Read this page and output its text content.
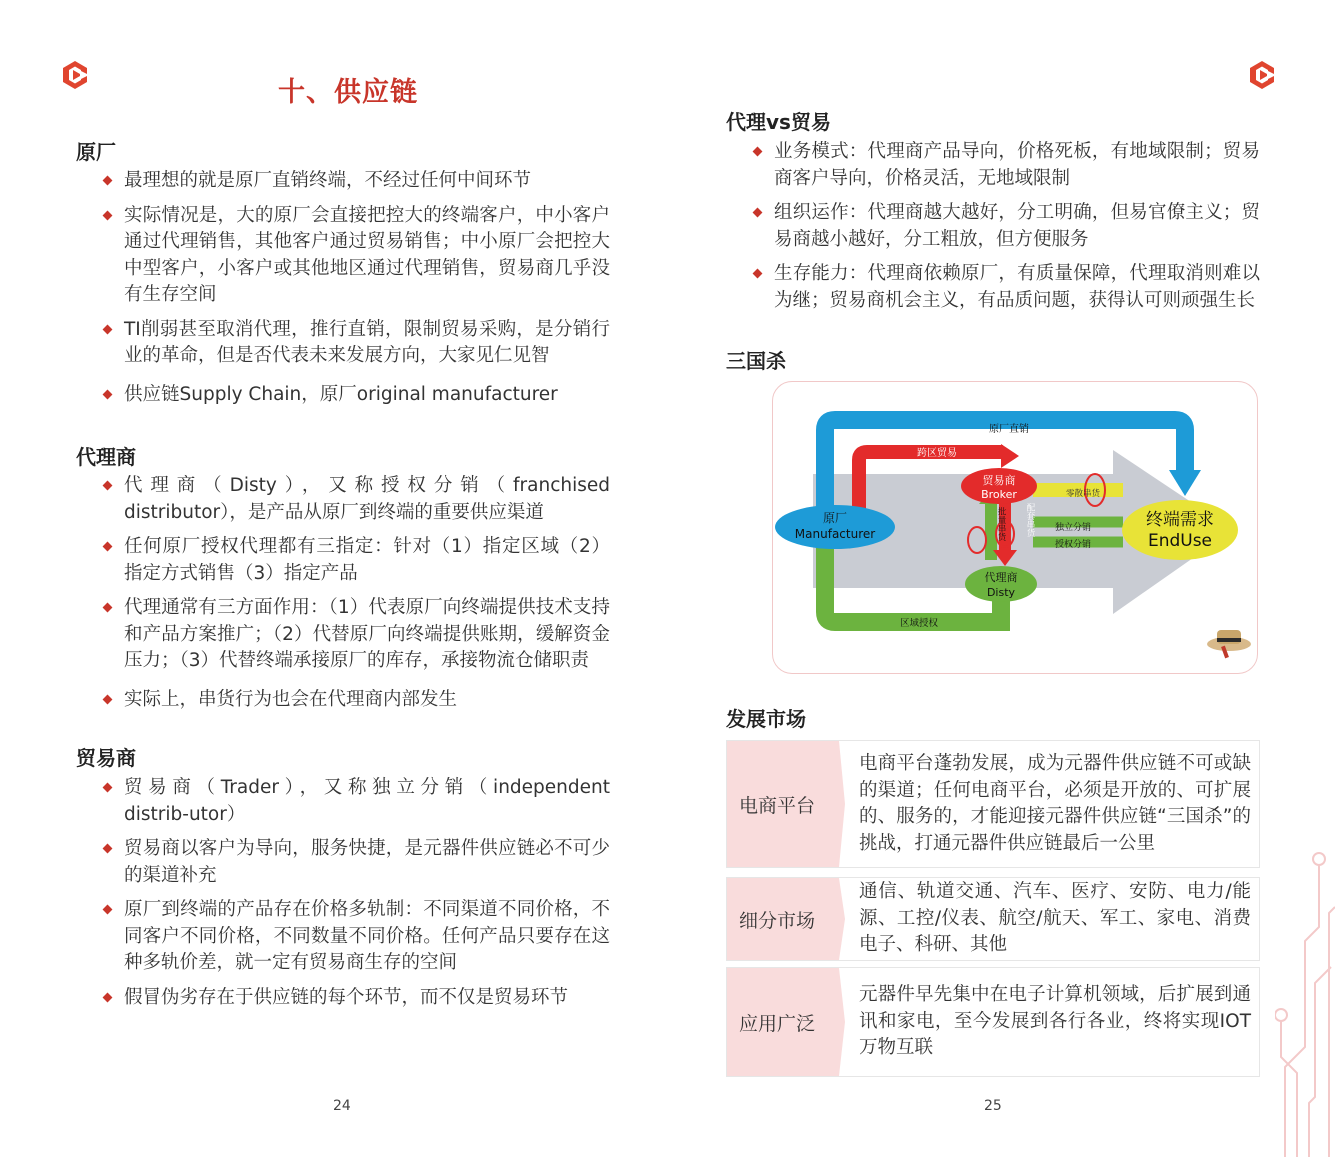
十、供应链
原厂
最理想的就是原厂直销终端，不经过任何中间环节
实际情况是，大的原厂会直接把控大的终端客户，中小客户通过代理销售，其他客户通过贸易销售；中小原厂会把控大中型客户，小客户或其他地区通过代理销售，贸易商几乎没有生存空间
TI削弱甚至取消代理，推行直销，限制贸易采购，是分销行业的革命，但是否代表未来发展方向，大家见仁见智
供应链Supply Chain，原厂original manufacturer
代理商
代理商（Disty），又称授权分销（franchised　distributor），是产品从原厂到终端的重要供应渠道
任何原厂授权代理都有三指定：针对（1）指定区域（2）指定方式销售（3）指定产品
代理通常有三方面作用：（1）代表原厂向终端提供技术支持和产品方案推广；（2）代替原厂向终端提供账期，缓解资金压力；（3）代替终端承接原厂的库存，承接物流仓储职责
实际上，串货行为也会在代理商内部发生
贸易商
贸易商（Trader），又称独立分销（independent　distrib-utor）
贸易商以客户为导向，服务快捷，是元器件供应链必不可少的渠道补充
原厂到终端的产品存在价格多轨制：不同渠道不同价格，不同客户不同价格，不同数量不同价格。任何产品只要存在这种多轨价差，就一定有贸易商生存的空间
假冒伪劣存在于供应链的每个环节，而不仅是贸易环节
24
代理vs贸易
业务模式：代理商产品导向，价格死板，有地域限制；贸易商客户导向，价格灵活，无地域限制
组织运作：代理商越大越好，分工明确，但易官僚主义；贸易商越小越好，分工粗放，但方便服务
生存能力：代理商依赖原厂，有质量保障，代理取消则难以为继；贸易商机会主义，有品质问题，获得认可则顽强生长
三国杀
原厂直销
跨区贸易
贸易商
Broker
原厂
Manufacturer
终端需求
EndUse
代理商
Disty
零散串货
独立分销
授权分销
区域授权
批量串货
配套串货
发展市场
电商平台
电商平台蓬勃发展，成为元器件供应链不可或缺的渠道；任何电商平台，必须是开放的、可扩展的、服务的，才能迎接元器件供应链“三国杀”的挑战，打通元器件供应链最后一公里
细分市场
通信、轨道交通、汽车、医疗、安防、电力/能源、工控/仪表、航空/航天、军工、家电、消费电子、科研、其他
应用广泛
元器件早先集中在电子计算机领域，后扩展到通讯和家电，至今发展到各行各业，终将实现IOT万物互联
25
